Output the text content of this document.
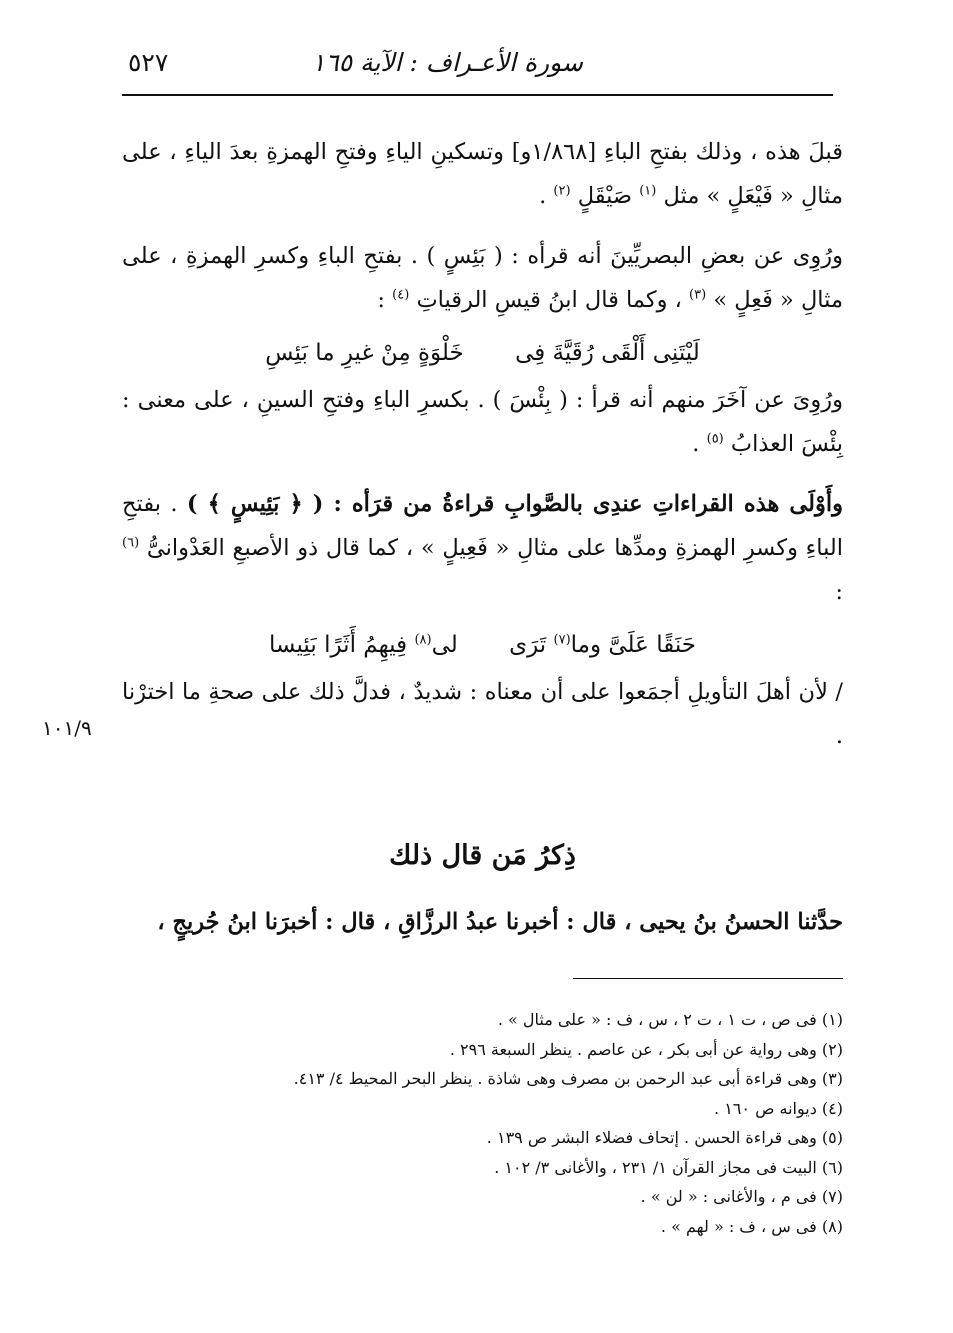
٥٢٧	سورة الأعـراف : الآية ١٦٥
١٠١/٩

قبلَ هذه ، وذلك بفتحِ الباءِ [١/٨٦٨و] وتسكينِ الياءِ وفتحِ الهمزةِ بعدَ الياءِ ، على مثالِ « فَيْعَلٍ » مثل $^{(١)}$ صَيْقَلٍ $^{(٢)}$ .

ورُوِى عن بعضِ البصريِّينَ أنه قرأه : ( بَئِسٍ ) . بفتحِ الباءِ وكسرِ الهمزةِ ، على مثالِ « فَعِلٍ » $^{(٣)}$ ، وكما قال ابنُ قيسِ الرقياتِ $^{(٤)}$ :

لَيْتَنِى أَلْقَى رُقَيَّةَ فِى خَلْوَةٍ مِنْ غيرِ ما بَئِسِ

ورُوِىَ عن آخَرَ منهم أنه قرأ : ( بِئْسَ ) . بكسرِ الباءِ وفتحِ السينِ ، على معنى : بِئْسَ العذابُ $^{(٥)}$ .

وأَوْلَى هذه القراءاتِ عندِى بالصَّوابِ قراءةُ من قرَأه : ( ﴿ بَئِيسٍ ﴾ ) . بفتحِ الباءِ وكسرِ الهمزةِ ومدِّها على مثالِ « فَعِيلٍ » ، كما قال ذو الأصبعِ العَدْوانىُّ $^{(٦)}$ :

حَنَقًا عَلَىَّ وما$^{(٧)}$ تَرَى لى$^{(٨)}$ فِيهِمُ أَثَرًا بَئِيسا

/ لأن أهلَ التأويلِ أجمَعوا على أن معناه : شديدٌ ، فدلَّ ذلك على صحةِ ما اخترْنا .

ذِكرُ مَن قال ذلك
حدَّثنا الحسنُ بنُ يحيى ، قال : أخبرنا عبدُ الرزَّاقِ ، قال : أخبرَنا ابنُ جُريجٍ ،

(١) فى ص ، ت ١ ، ت ٢ ، س ، ف : « على مثال » .

(٢) وهى رواية عن أبى بكر ، عن عاصم . ينظر السبعة ٢٩٦ .

(٣) وهى قراءة أبى عبد الرحمن بن مصرف وهى شاذة . ينظر البحر المحيط ٤/ ٤١٣.

(٤) ديوانه ص ١٦٠ .

(٥) وهى قراءة الحسن . إتحاف فضلاء البشر ص ١٣٩ .

(٦) البيت فى مجاز القرآن ١/ ٢٣١ ، والأغانى ٣/ ١٠٢ .

(٧) فى م ، والأغانى : « لن » .

(٨) فى س ، ف : « لهم » .
